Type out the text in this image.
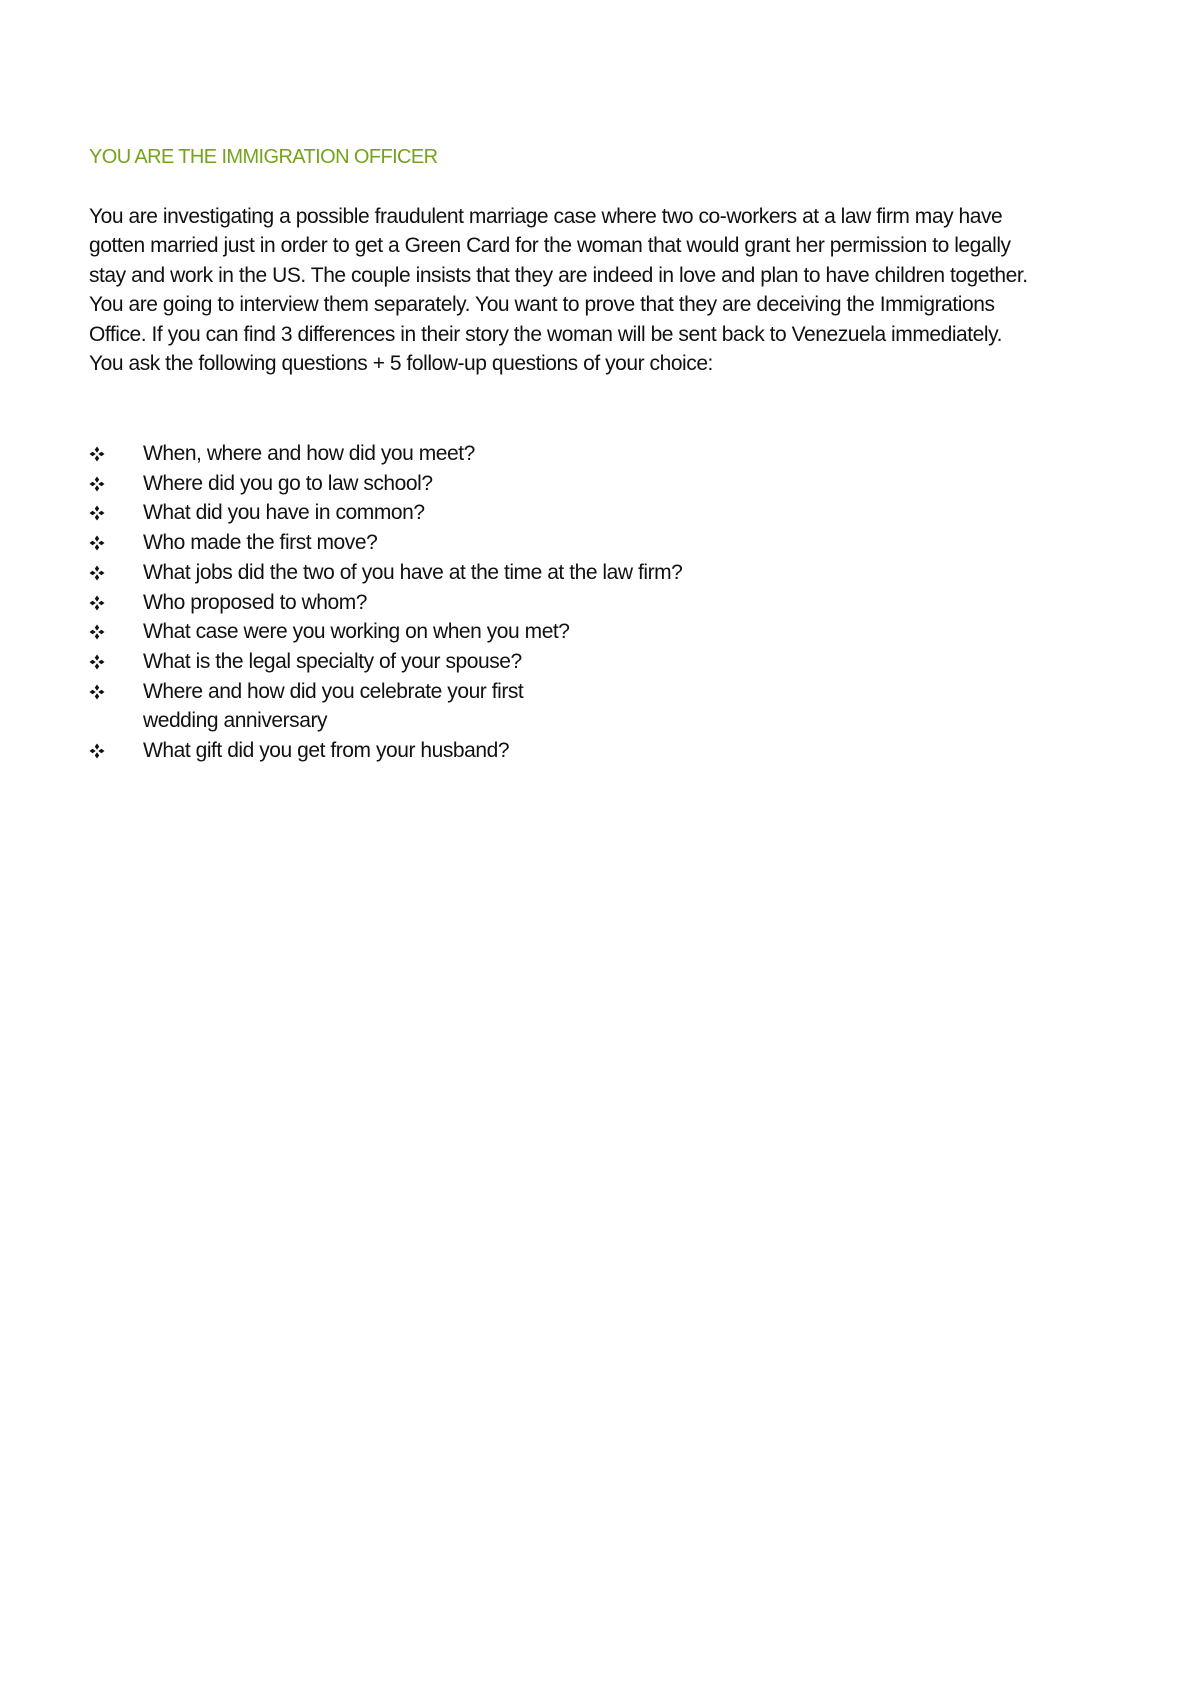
YOU ARE THE IMMIGRATION OFFICER
You are investigating a possible fraudulent marriage case where two co-workers at a law firm may have
gotten married just in order to get a Green Card for the woman that would grant her permission to legally
stay and work in the US. The couple insists that they are indeed in love and plan to have children together.
You are going to interview them separately. You want to prove that they are deceiving the Immigrations
Office. If you can find 3 differences in their story the woman will be sent back to Venezuela immediately.
You ask the following questions + 5 follow-up questions of your choice:
When, where and how did you meet?
Where did you go to law school?
What did you have in common?
Who made the first move?
What jobs did the two of you have at the time at the law firm?
Who proposed to whom?
What case were you working on when you met?
What is the legal specialty of your spouse?
Where and how did you celebrate your first
wedding anniversary
What gift did you get from your husband?
